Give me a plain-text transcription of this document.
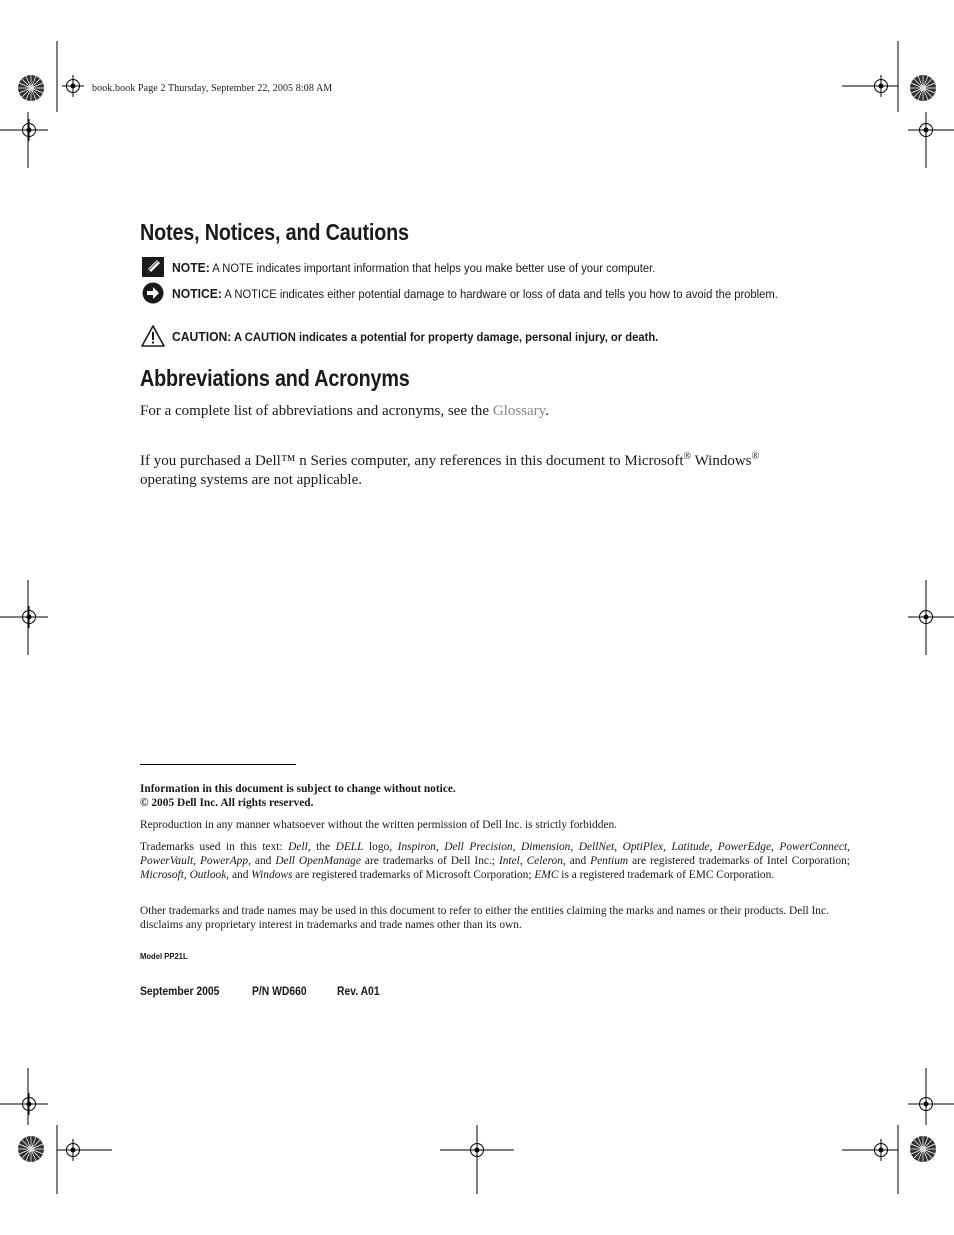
book.book Page 2 Thursday, September 22, 2005 8:08 AM
Notes, Notices, and Cautions
NOTE: A NOTE indicates important information that helps you make better use of your computer.
NOTICE: A NOTICE indicates either potential damage to hardware or loss of data and tells you how to avoid the problem.
CAUTION: A CAUTION indicates a potential for property damage, personal injury, or death.
Abbreviations and Acronyms
For a complete list of abbreviations and acronyms, see the Glossary.
If you purchased a Dell™ n Series computer, any references in this document to Microsoft® Windows®
operating systems are not applicable.
Information in this document is subject to change without notice.
© 2005 Dell Inc. All rights reserved.
Reproduction in any manner whatsoever without the written permission of Dell Inc. is strictly forbidden.
Trademarks used in this text: Dell, the DELL logo, Inspiron, Dell Precision, Dimension, DellNet, OptiPlex, Latitude, PowerEdge, PowerConnect, PowerVault, PowerApp, and Dell OpenManage are trademarks of Dell Inc.; Intel, Celeron, and Pentium are registered trademarks of Intel Corporation; Microsoft, Outlook, and Windows are registered trademarks of Microsoft Corporation; EMC is a registered trademark of EMC Corporation.
Other trademarks and trade names may be used in this document to refer to either the entities claiming the marks and names or their products. Dell Inc. disclaims any proprietary interest in trademarks and trade names other than its own.
Model PP21L
September 2005	P/N WD660	Rev. A01
